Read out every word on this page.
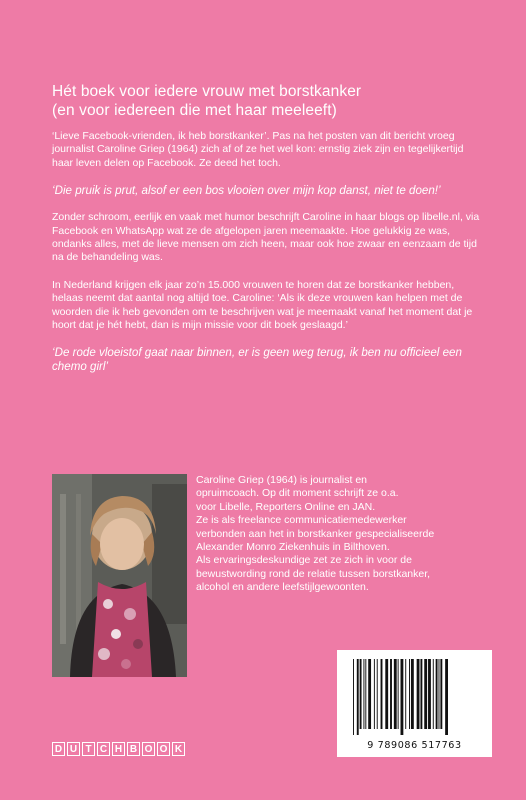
Hét boek voor iedere vrouw met borstkanker
(en voor iedereen die met haar meeleeft)

‘Lieve Facebook-vrienden, ik heb borstkanker’. Pas na het posten van dit bericht vroeg journalist Caroline Griep (1964) zich af of ze het wel kon: ernstig ziek zijn en tegelijkertijd haar leven delen op Facebook. Ze deed het toch.

‘Die pruik is prut, alsof er een bos vlooien over mijn kop danst, niet te doen!’

Zonder schroom, eerlijk en vaak met humor beschrijft Caroline in haar blogs op libelle.nl, via Facebook en WhatsApp wat ze de afgelopen jaren meemaakte. Hoe gelukkig ze was, ondanks alles, met de lieve mensen om zich heen, maar ook hoe zwaar en eenzaam de tijd na de behandeling was.

In Nederland krijgen elk jaar zo’n 15.000 vrouwen te horen dat ze borstkanker hebben, helaas neemt dat aantal nog altijd toe. Caroline: ‘Als ik deze vrouwen kan helpen met de woorden die ik heb gevonden om te beschrijven wat je meemaakt vanaf het moment dat je hoort dat je hét hebt, dan is mijn missie voor dit boek geslaagd.’

‘De rode vloeistof gaat naar binnen, er is geen weg terug, ik ben nu officieel een chemo girl’

Caroline Griep (1964) is journalist en

opruimcoach. Op dit moment schrijft ze o.a.

voor Libelle, Reporters Online en JAN.

Ze is als freelance communicatiemedewerker

verbonden aan het in borstkanker gespecialiseerde

Alexander Monro Ziekenhuis in Bilthoven.

Als ervaringsdeskundige zet ze zich in voor de

bewustwording rond de relatie tussen borstkanker,

alcohol en andere leefstijlgewoonten.

9 789086 517763
D U T C H B O O K
